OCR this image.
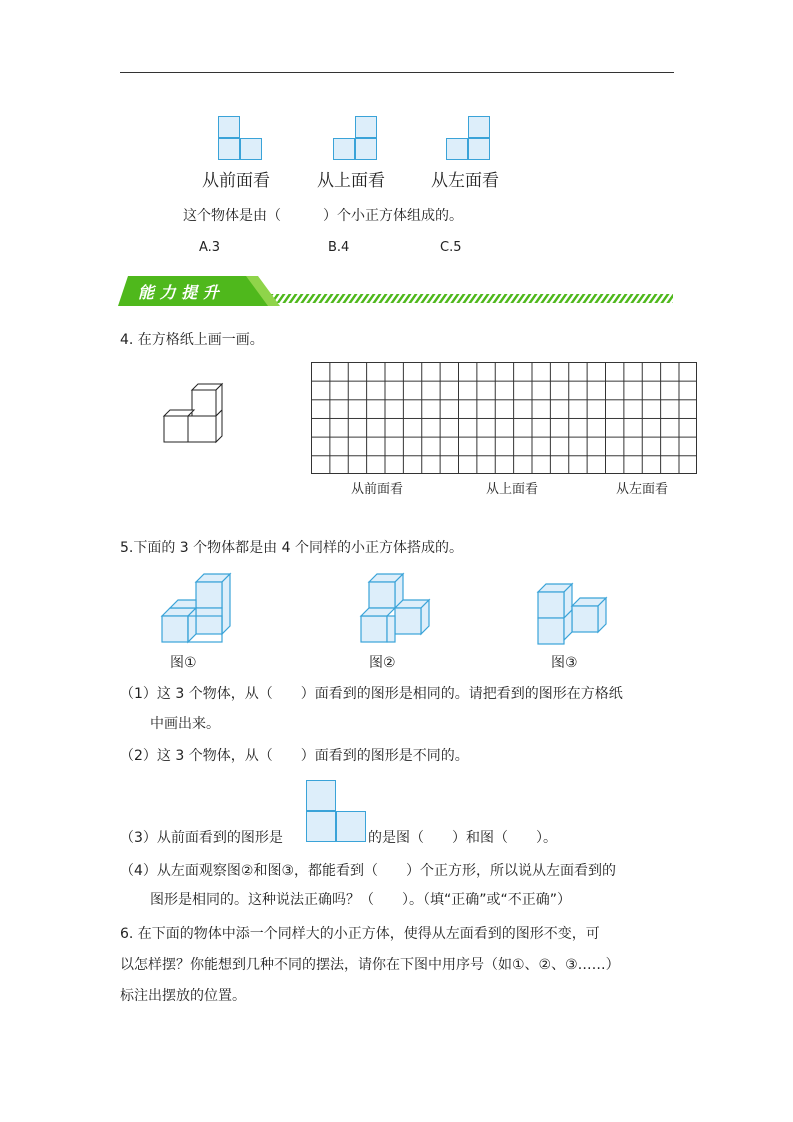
从前面看	从上面看	从左面看
这个物体是由（　　　）个小正方体组成的。
A.3	B.4	C.5
能 力 提 升
4. 在方格纸上画一画。
从前面看	从上面看	从左面看
5.下面的 3 个物体都是由 4 个同样的小正方体搭成的。
图①	图②	图③
（1）这 3 个物体，从（　　）面看到的图形是相同的。请把看到的图形在方格纸
中画出来。
（2）这 3 个物体，从（　　）面看到的图形是不同的。
（3）从前面看到的图形是	的是图（　　）和图（　　）。
（4）从左面观察图②和图③，都能看到（　　）个正方形，所以说从左面看到的
图形是相同的。这种说法正确吗？（　　）。（填“正确”或“不正确”）
6. 在下面的物体中添一个同样大的小正方体，使得从左面看到的图形不变，可
以怎样摆？你能想到几种不同的摆法，请你在下图中用序号（如①、②、③……）
标注出摆放的位置。
